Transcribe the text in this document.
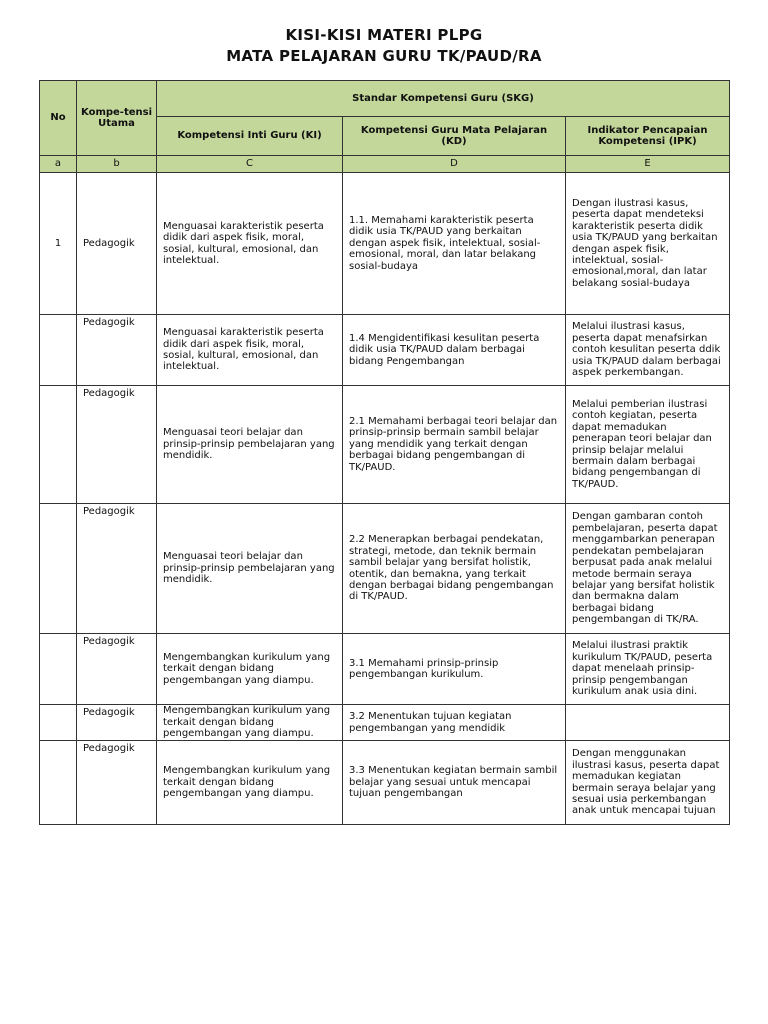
KISI-KISI MATERI PLPG
MATA PELAJARAN GURU TK/PAUD/RA
No	Kompe-tensi Utama	Standar Kompetensi Guru (SKG)		
		Kompetensi Inti Guru (KI)	Kompetensi Guru Mata Pelajaran (KD)	Indikator Pencapaian Kompetensi (IPK)
a	b	C	D	E
1	Pedagogik	Menguasai karakteristik peserta didik dari aspek fisik, moral, sosial, kultural, emosional, dan intelektual.	1.1. Memahami karakteristik peserta didik usia TK/PAUD yang berkaitan dengan aspek fisik, intelektual, sosial-emosional, moral, dan latar belakang sosial-budaya	Dengan ilustrasi kasus, peserta dapat mendeteksi karakteristik peserta didik usia TK/PAUD yang berkaitan dengan aspek fisik, intelektual, sosial-emosional,moral, dan latar belakang sosial-budaya
	Pedagogik	Menguasai karakteristik peserta didik dari aspek fisik, moral, sosial, kultural, emosional, dan intelektual.	1.4 Mengidentifikasi kesulitan peserta didik usia TK/PAUD dalam berbagai bidang Pengembangan	Melalui ilustrasi kasus, peserta dapat menafsirkan contoh kesulitan peserta ddik usia TK/PAUD dalam berbagai aspek perkembangan.
	Pedagogik	Menguasai teori belajar dan prinsip-prinsip pembelajaran yang mendidik.	2.1 Memahami berbagai teori belajar dan prinsip-prinsip bermain sambil belajar yang mendidik yang terkait dengan berbagai bidang pengembangan di TK/PAUD.	Melalui pemberian ilustrasi contoh kegiatan, peserta dapat memadukan penerapan teori belajar dan prinsip belajar melalui bermain dalam berbagai bidang pengembangan di TK/PAUD.
	Pedagogik	Menguasai teori belajar dan prinsip-prinsip pembelajaran yang mendidik.	2.2 Menerapkan berbagai pendekatan, strategi, metode, dan teknik bermain sambil belajar yang bersifat holistik, otentik, dan bemakna, yang terkait dengan berbagai bidang pengembangan di TK/PAUD.	Dengan gambaran contoh pembelajaran, peserta dapat menggambarkan penerapan pendekatan pembelajaran berpusat pada anak melalui metode bermain seraya belajar yang bersifat holistik dan bermakna dalam berbagai bidang pengembangan di TK/RA.
	Pedagogik	Mengembangkan kurikulum yang terkait dengan bidang pengembangan yang diampu.	3.1 Memahami prinsip-prinsip pengembangan kurikulum.	Melalui ilustrasi praktik kurikulum TK/PAUD, peserta dapat menelaah prinsip-prinsip pengembangan kurikulum anak usia dini.
	Pedagogik	Mengembangkan kurikulum yang terkait dengan bidang pengembangan yang diampu.	3.2 Menentukan tujuan kegiatan pengembangan yang mendidik	
	Pedagogik	Mengembangkan kurikulum yang terkait dengan bidang pengembangan yang diampu.	3.3 Menentukan kegiatan bermain sambil belajar yang sesuai untuk mencapai tujuan pengembangan	Dengan menggunakan ilustrasi kasus, peserta dapat memadukan kegiatan bermain seraya belajar yang sesuai usia perkembangan anak untuk mencapai tujuan
